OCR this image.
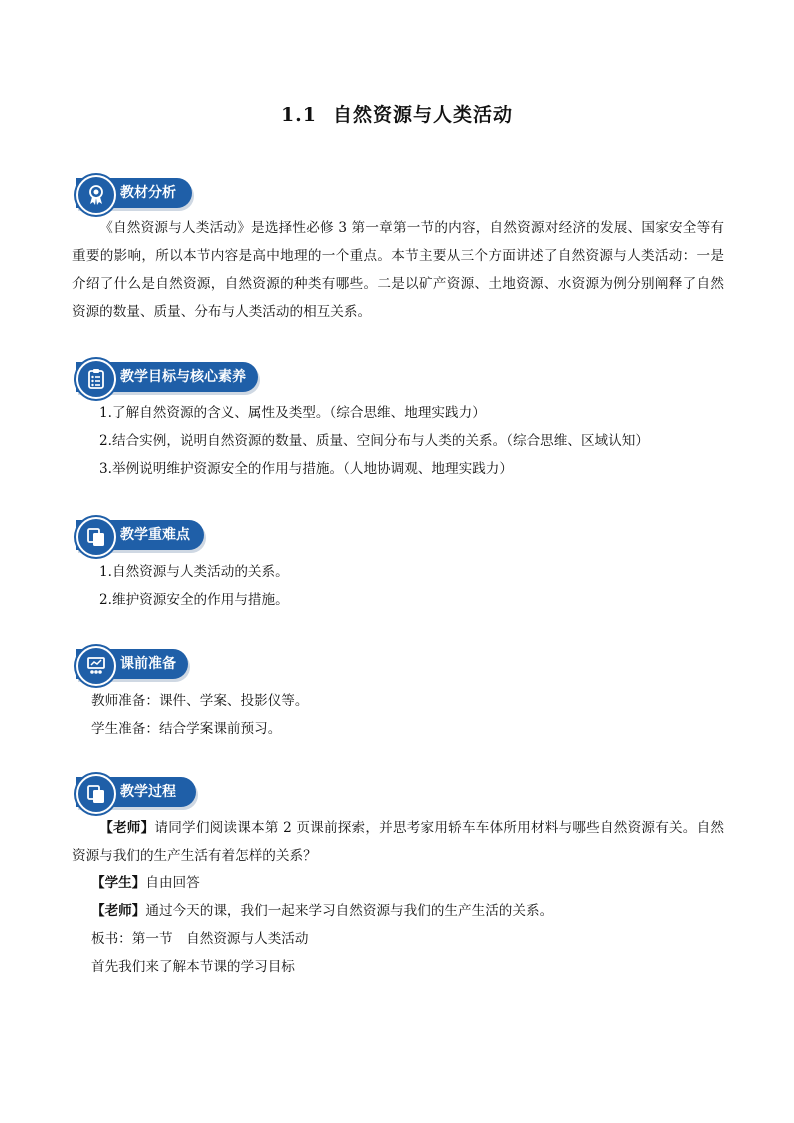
1.1 自然资源与人类活动
教材分析

《自然资源与人类活动》是选择性必修 3 第一章第一节的内容，自然资源对经济的发展、国家安全等有重要的影响，所以本节内容是高中地理的一个重点。本节主要从三个方面讲述了自然资源与人类活动：一是介绍了什么是自然资源，自然资源的种类有哪些。二是以矿产资源、土地资源、水资源为例分别阐释了自然资源的数量、质量、分布与人类活动的相互关系。

教学目标与核心素养
1.了解自然资源的含义、属性及类型。（综合思维、地理实践力）
2.结合实例，说明自然资源的数量、质量、空间分布与人类的关系。（综合思维、区域认知）
3.举例说明维护资源安全的作用与措施。（人地协调观、地理实践力）
教学重难点
1.自然资源与人类活动的关系。
2.维护资源安全的作用与措施。
课前准备
教师准备：课件、学案、投影仪等。
学生准备：结合学案课前预习。
教学过程

【老师】请同学们阅读课本第 2 页课前探索，并思考家用轿车车体所用材料与哪些自然资源有关。自然资源与我们的生产生活有着怎样的关系？

【学生】自由回答
【老师】通过今天的课，我们一起来学习自然资源与我们的生产生活的关系。
板书：第一节　自然资源与人类活动
首先我们来了解本节课的学习目标
